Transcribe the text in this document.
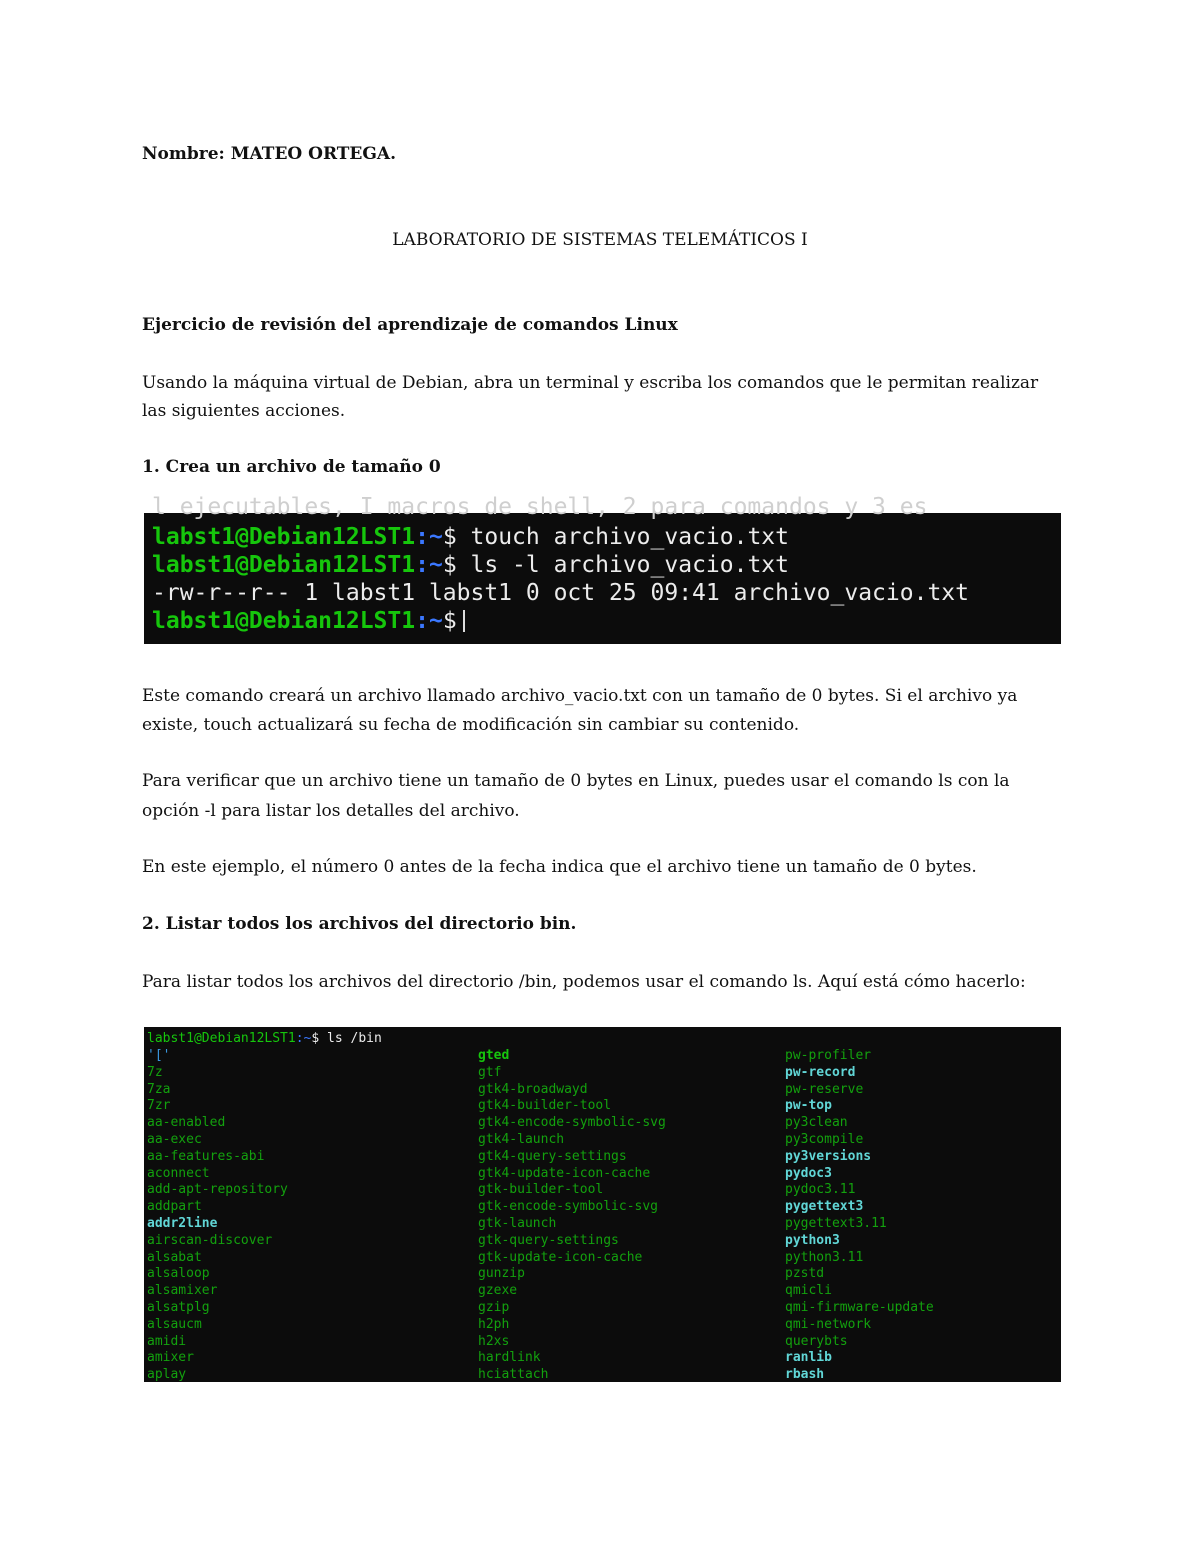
Nombre: MATEO ORTEGA.
LABORATORIO DE SISTEMAS TELEMÁTICOS I
Ejercicio de revisión del aprendizaje de comandos Linux
Usando la máquina virtual de Debian, abra un terminal y escriba los comandos que le permitan realizar
las siguientes acciones.
1. Crea un archivo de tamaño 0
l ejecutables, I macros de shell, 2 para comandos y 3 es
labst1@Debian12LST1:~$ touch archivo_vacio.txt
labst1@Debian12LST1:~$ ls -l archivo_vacio.txt
-rw-r--r-- 1 labst1 labst1 0 oct 25 09:41 archivo_vacio.txt
labst1@Debian12LST1:~$
Este comando creará un archivo llamado archivo_vacio.txt con un tamaño de 0 bytes. Si el archivo ya
existe, touch actualizará su fecha de modificación sin cambiar su contenido.
Para verificar que un archivo tiene un tamaño de 0 bytes en Linux, puedes usar el comando ls con la
opción -l para listar los detalles del archivo.
En este ejemplo, el número 0 antes de la fecha indica que el archivo tiene un tamaño de 0 bytes.
2. Listar todos los archivos del directorio bin.
Para listar todos los archivos del directorio /bin, podemos usar el comando ls. Aquí está cómo hacerlo:
labst1@Debian12LST1:~$ ls /bin
'['
7z
7za
7zr
aa-enabled
aa-exec
aa-features-abi
aconnect
add-apt-repository
addpart
addr2line
airscan-discover
alsabat
alsaloop
alsamixer
alsatplg
alsaucm
amidi
amixer
aplay
gted
gtf
gtk4-broadwayd
gtk4-builder-tool
gtk4-encode-symbolic-svg
gtk4-launch
gtk4-query-settings
gtk4-update-icon-cache
gtk-builder-tool
gtk-encode-symbolic-svg
gtk-launch
gtk-query-settings
gtk-update-icon-cache
gunzip
gzexe
gzip
h2ph
h2xs
hardlink
hciattach
pw-profiler
pw-record
pw-reserve
pw-top
py3clean
py3compile
py3versions
pydoc3
pydoc3.11
pygettext3
pygettext3.11
python3
python3.11
pzstd
qmicli
qmi-firmware-update
qmi-network
querybts
ranlib
rbash
